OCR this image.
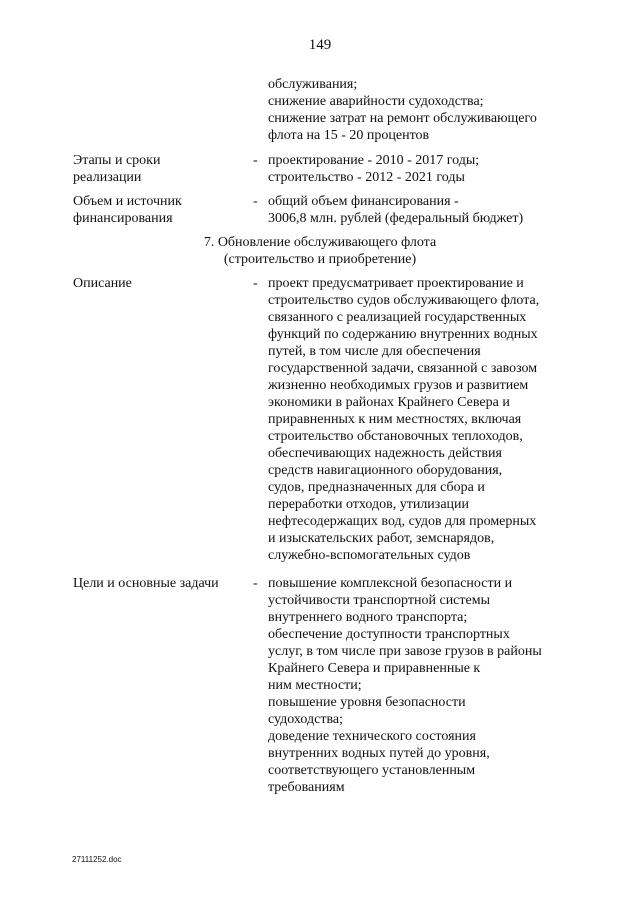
149
обслуживания;
снижение аварийности судоходства;
снижение затрат на ремонт обслуживающего
флота на 15 - 20 процентов
Этапы и сроки
реализации
- проектирование - 2010 - 2017 годы;
строительство - 2012 - 2021 годы
Объем и источник
финансирования
- общий объем финансирования -
3006,8 млн. рублей (федеральный бюджет)
7. Обновление обслуживающего флота
(строительство и приобретение)
Описание	- проект предусматривает проектирование и
строительство судов обслуживающего флота,
связанного с реализацией государственных
функций по содержанию внутренних водных
путей, в том числе для обеспечения
государственной задачи, связанной с завозом
жизненно необходимых грузов и развитием
экономики в районах Крайнего Севера и
приравненных к ним местностях, включая
строительство обстановочных теплоходов,
обеспечивающих надежность действия
средств навигационного оборудования,
судов, предназначенных для сбора и
переработки отходов, утилизации
нефтесодержащих вод, судов для промерных
и изыскательских работ, земснарядов,
служебно-вспомогательных судов
Цели и основные задачи - повышение комплексной безопасности и
устойчивости транспортной системы
внутреннего водного транспорта;
обеспечение доступности транспортных
услуг, в том числе при завозе грузов в районы
Крайнего Севера и приравненные к
ним местности;
повышение уровня безопасности
судоходства;
доведение технического состояния
внутренних водных путей до уровня,
соответствующего установленным
требованиям
27111252.doc
